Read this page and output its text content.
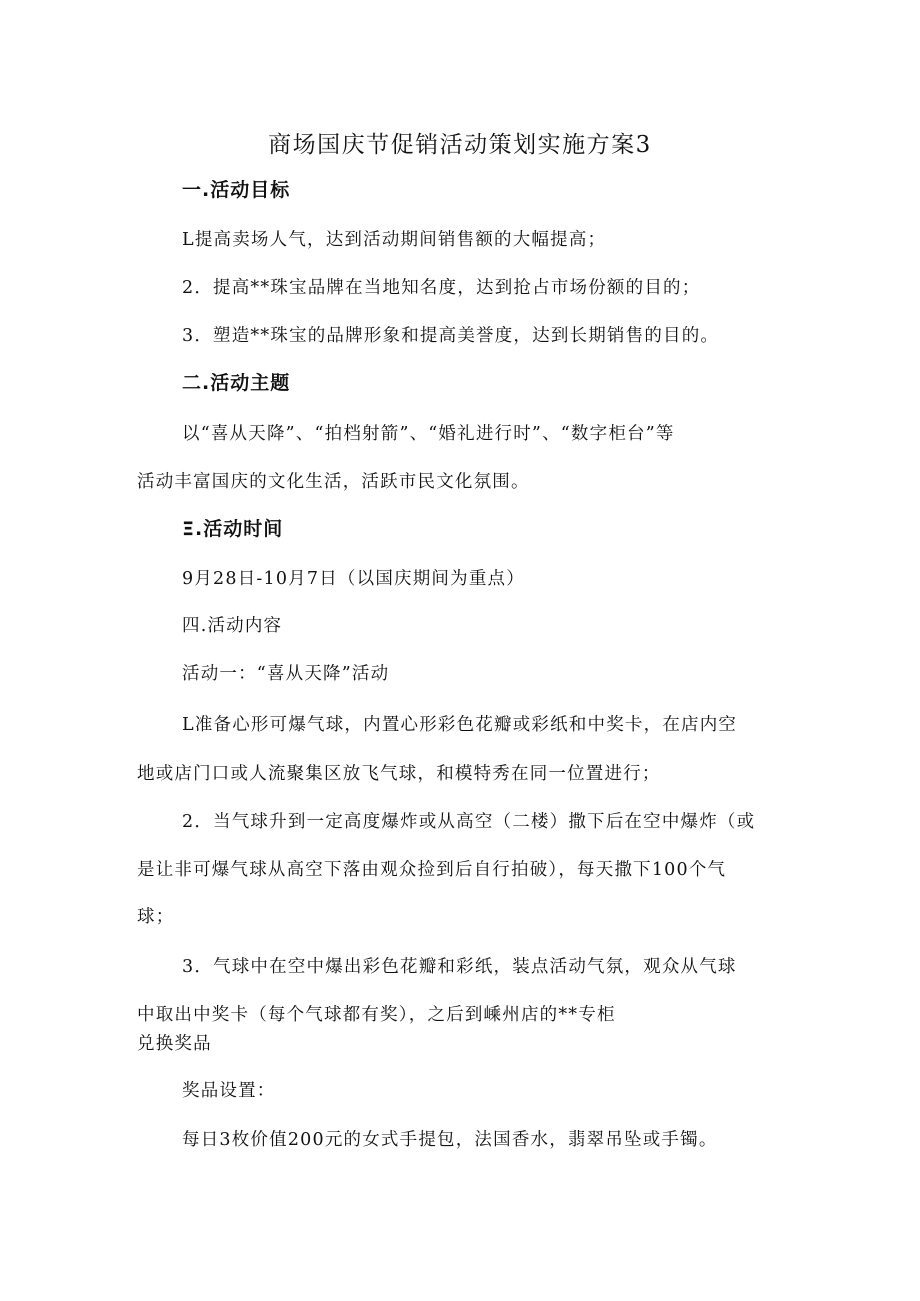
商场国庆节促销活动策划实施方案3
一.活动目标
L提高卖场人气，达到活动期间销售额的大幅提高；
2．提高**珠宝品牌在当地知名度，达到抢占市场份额的目的；
3．塑造**珠宝的品牌形象和提高美誉度，达到长期销售的目的。
二.活动主题
以“喜从天降”、“拍档射箭”、“婚礼进行时”、“数字柜台”等
活动丰富国庆的文化生活，活跃市民文化氛围。
Ξ.活动时间
9月28日-10月7日（以国庆期间为重点）
四.活动内容
活动一：“喜从天降”活动
L准备心形可爆气球，内置心形彩色花瓣或彩纸和中奖卡，在店内空
地或店门口或人流聚集区放飞气球，和模特秀在同一位置进行；
2．当气球升到一定高度爆炸或从高空（二楼）撒下后在空中爆炸（或
是让非可爆气球从高空下落由观众捡到后自行拍破），每天撒下100个气
球；
3．气球中在空中爆出彩色花瓣和彩纸，装点活动气氛，观众从气球
中取出中奖卡（每个气球都有奖），之后到嵊州店的**专柜
兑换奖品
奖品设置：
每日3枚价值200元的女式手提包，法国香水，翡翠吊坠或手镯。
